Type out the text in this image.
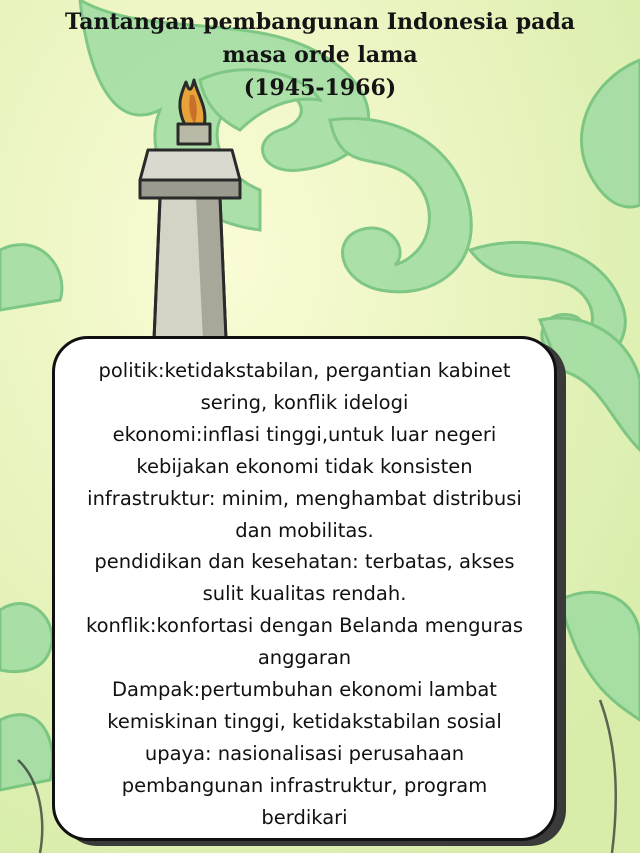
Tantangan pembangunan Indonesia pada
masa orde lama
(1945-1966)
politik:ketidakstabilan, pergantian kabinet
sering, konflik idelogi
ekonomi:inflasi tinggi,untuk luar negeri
kebijakan ekonomi tidak konsisten
infrastruktur: minim, menghambat distribusi
dan mobilitas.
pendidikan dan kesehatan: terbatas, akses
sulit kualitas rendah.
konflik:konfortasi dengan Belanda menguras
anggaran
Dampak:pertumbuhan ekonomi lambat
kemiskinan tinggi, ketidakstabilan sosial
upaya: nasionalisasi perusahaan
pembangunan infrastruktur, program
berdikari
